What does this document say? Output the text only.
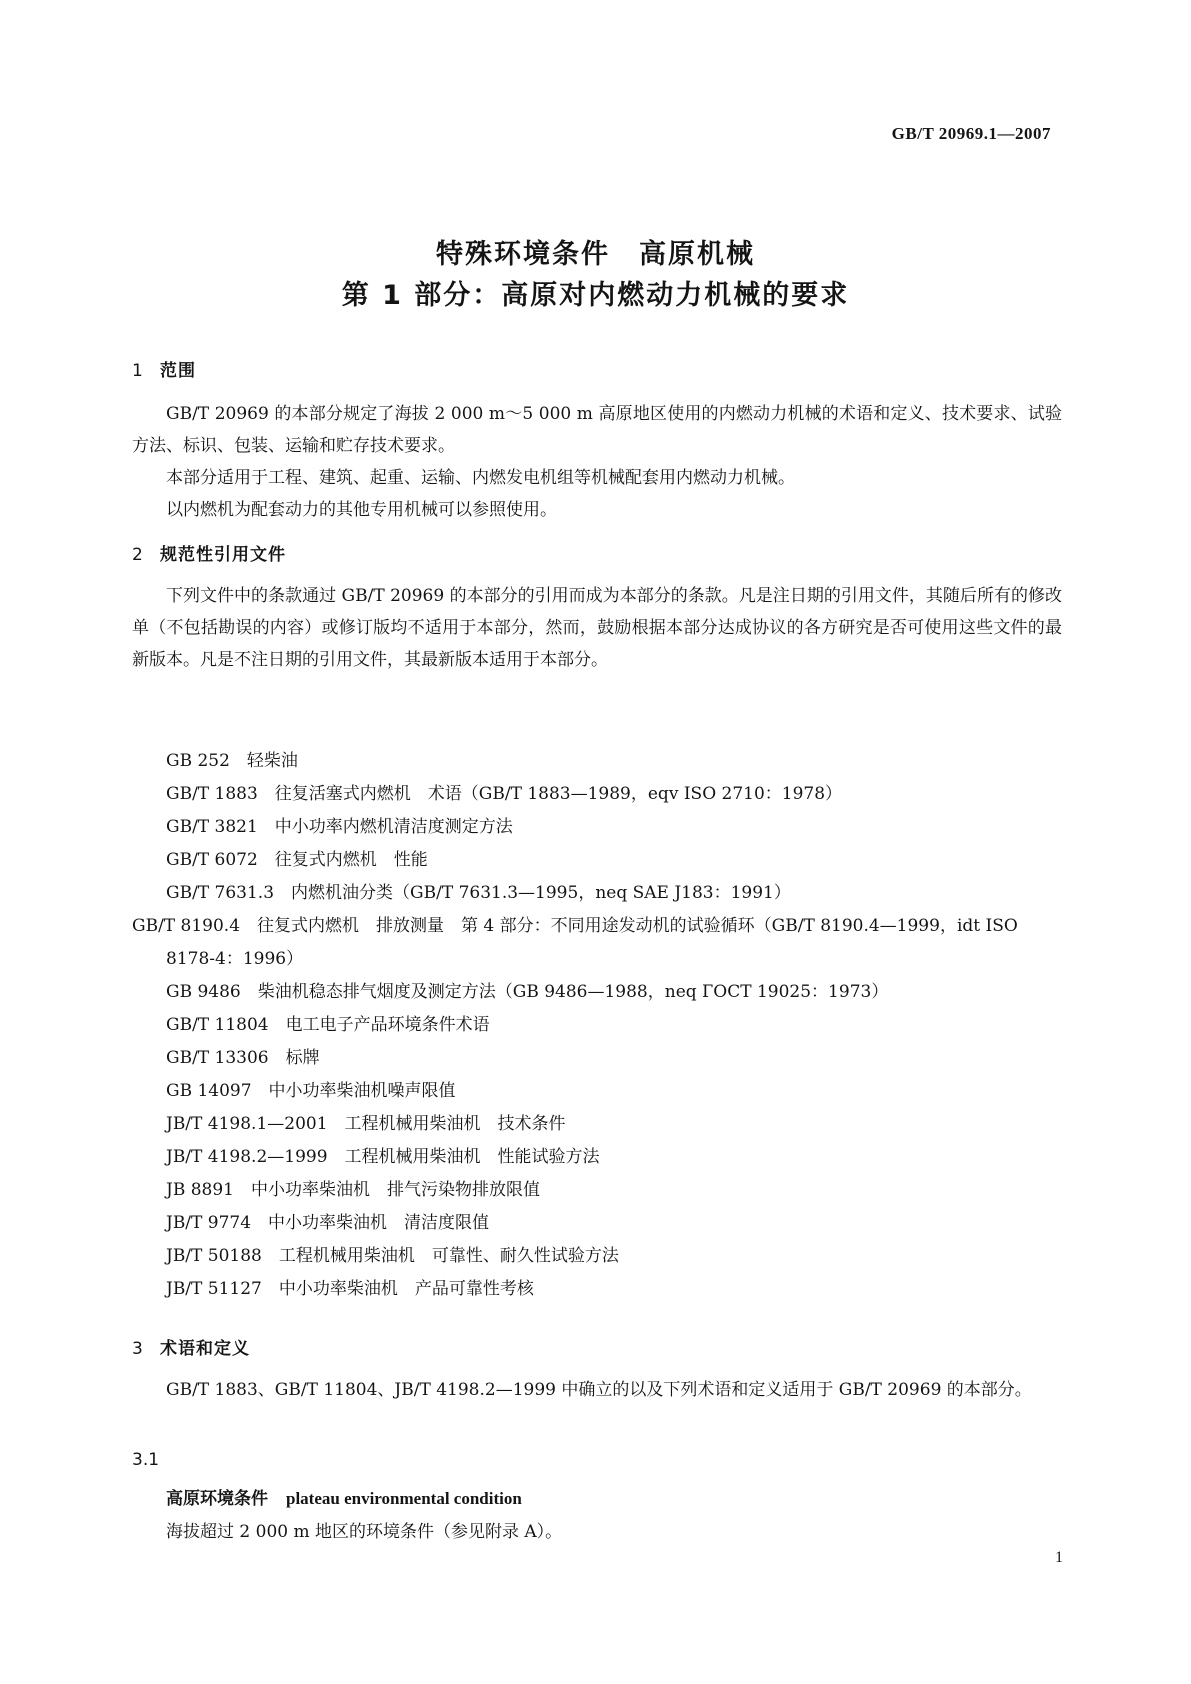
GB/T 20969.1—2007
特殊环境条件　高原机械
第 1 部分：高原对内燃动力机械的要求
1 范围
GB/T 20969 的本部分规定了海拔 2 000 m～5 000 m 高原地区使用的内燃动力机械的术语和定义、技术要求、试验方法、标识、包装、运输和贮存技术要求。
本部分适用于工程、建筑、起重、运输、内燃发电机组等机械配套用内燃动力机械。
以内燃机为配套动力的其他专用机械可以参照使用。
2 规范性引用文件
下列文件中的条款通过 GB/T 20969 的本部分的引用而成为本部分的条款。凡是注日期的引用文件，其随后所有的修改单（不包括勘误的内容）或修订版均不适用于本部分，然而，鼓励根据本部分达成协议的各方研究是否可使用这些文件的最新版本。凡是不注日期的引用文件，其最新版本适用于本部分。
GB 252　轻柴油
GB/T 1883　往复活塞式内燃机　术语（GB/T 1883—1989，eqv ISO 2710：1978）
GB/T 3821　中小功率内燃机清洁度测定方法
GB/T 6072　往复式内燃机　性能
GB/T 7631.3　内燃机油分类（GB/T 7631.3—1995，neq SAE J183：1991）
GB/T 8190.4　往复式内燃机　排放测量　第 4 部分：不同用途发动机的试验循环（GB/T 8190.4—1999，idt ISO 8178-4：1996）
GB 9486　柴油机稳态排气烟度及测定方法（GB 9486—1988，neq ГОСТ 19025：1973）
GB/T 11804　电工电子产品环境条件术语
GB/T 13306　标牌
GB 14097　中小功率柴油机噪声限值
JB/T 4198.1—2001　工程机械用柴油机　技术条件
JB/T 4198.2—1999　工程机械用柴油机　性能试验方法
JB 8891　中小功率柴油机　排气污染物排放限值
JB/T 9774　中小功率柴油机　清洁度限值
JB/T 50188　工程机械用柴油机　可靠性、耐久性试验方法
JB/T 51127　中小功率柴油机　产品可靠性考核
3 术语和定义
GB/T 1883、GB/T 11804、JB/T 4198.2—1999 中确立的以及下列术语和定义适用于 GB/T 20969 的本部分。
3.1
高原环境条件 plateau environmental condition
海拔超过 2 000 m 地区的环境条件（参见附录 A）。
1
